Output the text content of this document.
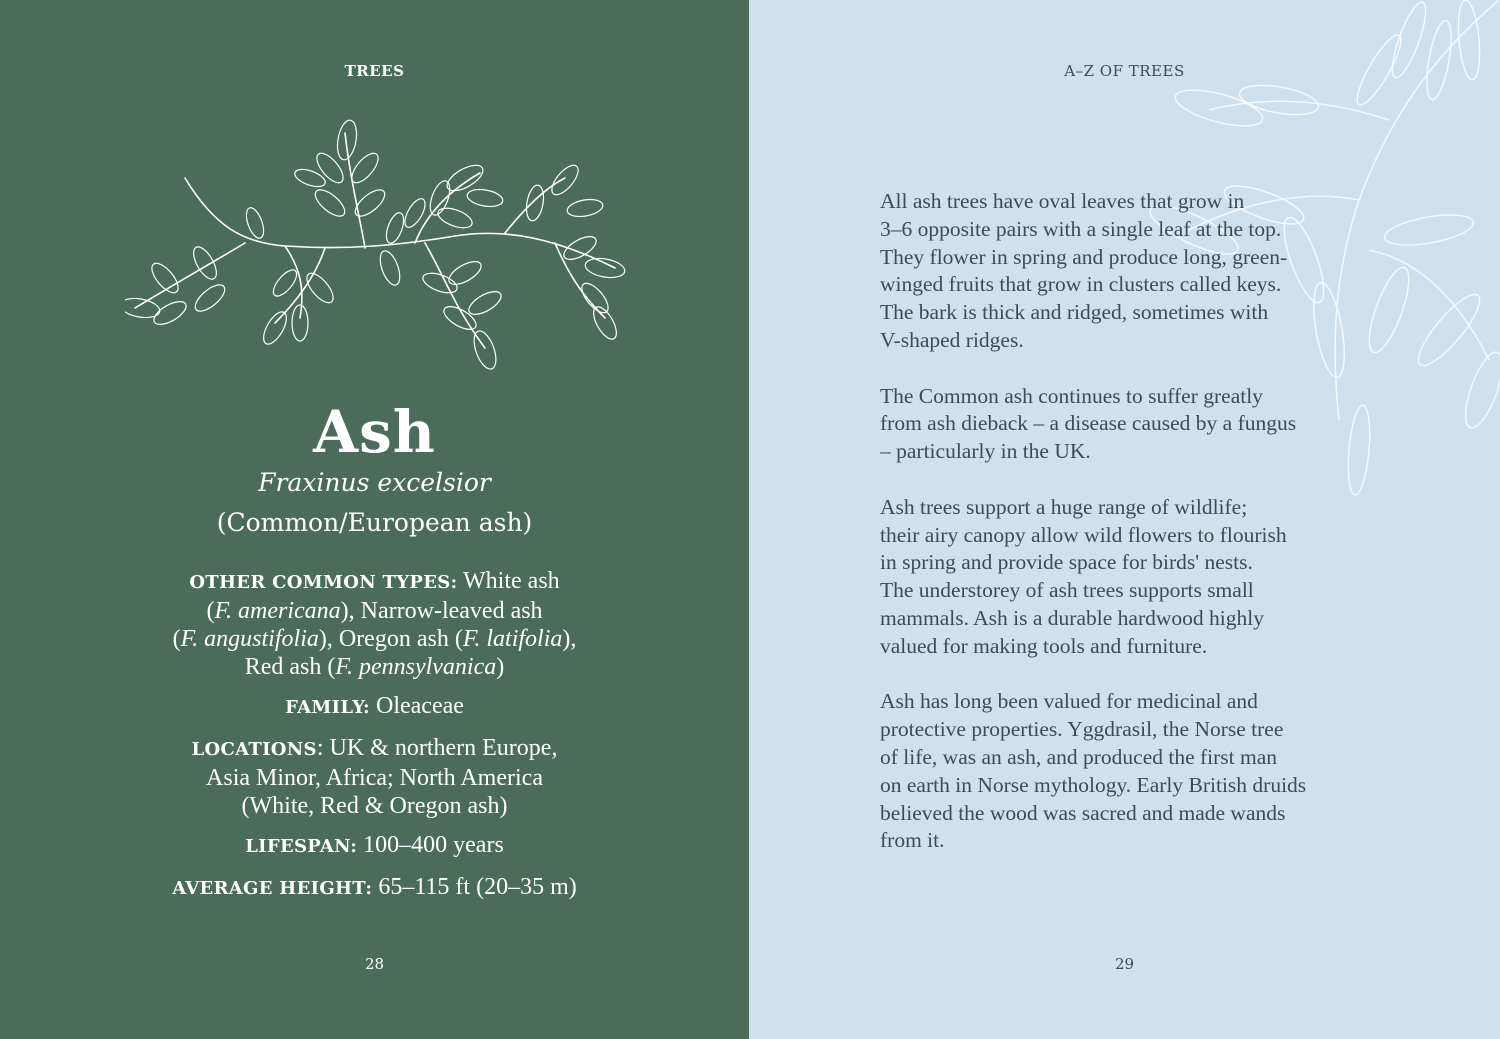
TREES
Ash
Fraxinus excelsior
(Common/European ash)
OTHER COMMON TYPES: White ash
(F. americana), Narrow-leaved ash
(F. angustifolia), Oregon ash (F. latifolia),
Red ash (F. pennsylvanica)
FAMILY: Oleaceae
LOCATIONS: UK & northern Europe,
Asia Minor, Africa; North America
(White, Red & Oregon ash)
LIFESPAN: 100–400 years
AVERAGE HEIGHT: 65–115 ft (20–35 m)
28
A–Z OF TREES

All ash trees have oval leaves that grow in
3–6 opposite pairs with a single leaf at the top.
They flower in spring and produce long, green-
winged fruits that grow in clusters called keys.
The bark is thick and ridged, sometimes with
V-shaped ridges.

The Common ash continues to suffer greatly
from ash dieback – a disease caused by a fungus
– particularly in the UK.

Ash trees support a huge range of wildlife;
their airy canopy allow wild flowers to flourish
in spring and provide space for birds' nests.
The understorey of ash trees supports small
mammals. Ash is a durable hardwood highly
valued for making tools and furniture.

Ash has long been valued for medicinal and
protective properties. Yggdrasil, the Norse tree
of life, was an ash, and produced the first man
on earth in Norse mythology. Early British druids
believed the wood was sacred and made wands
from it.

29
